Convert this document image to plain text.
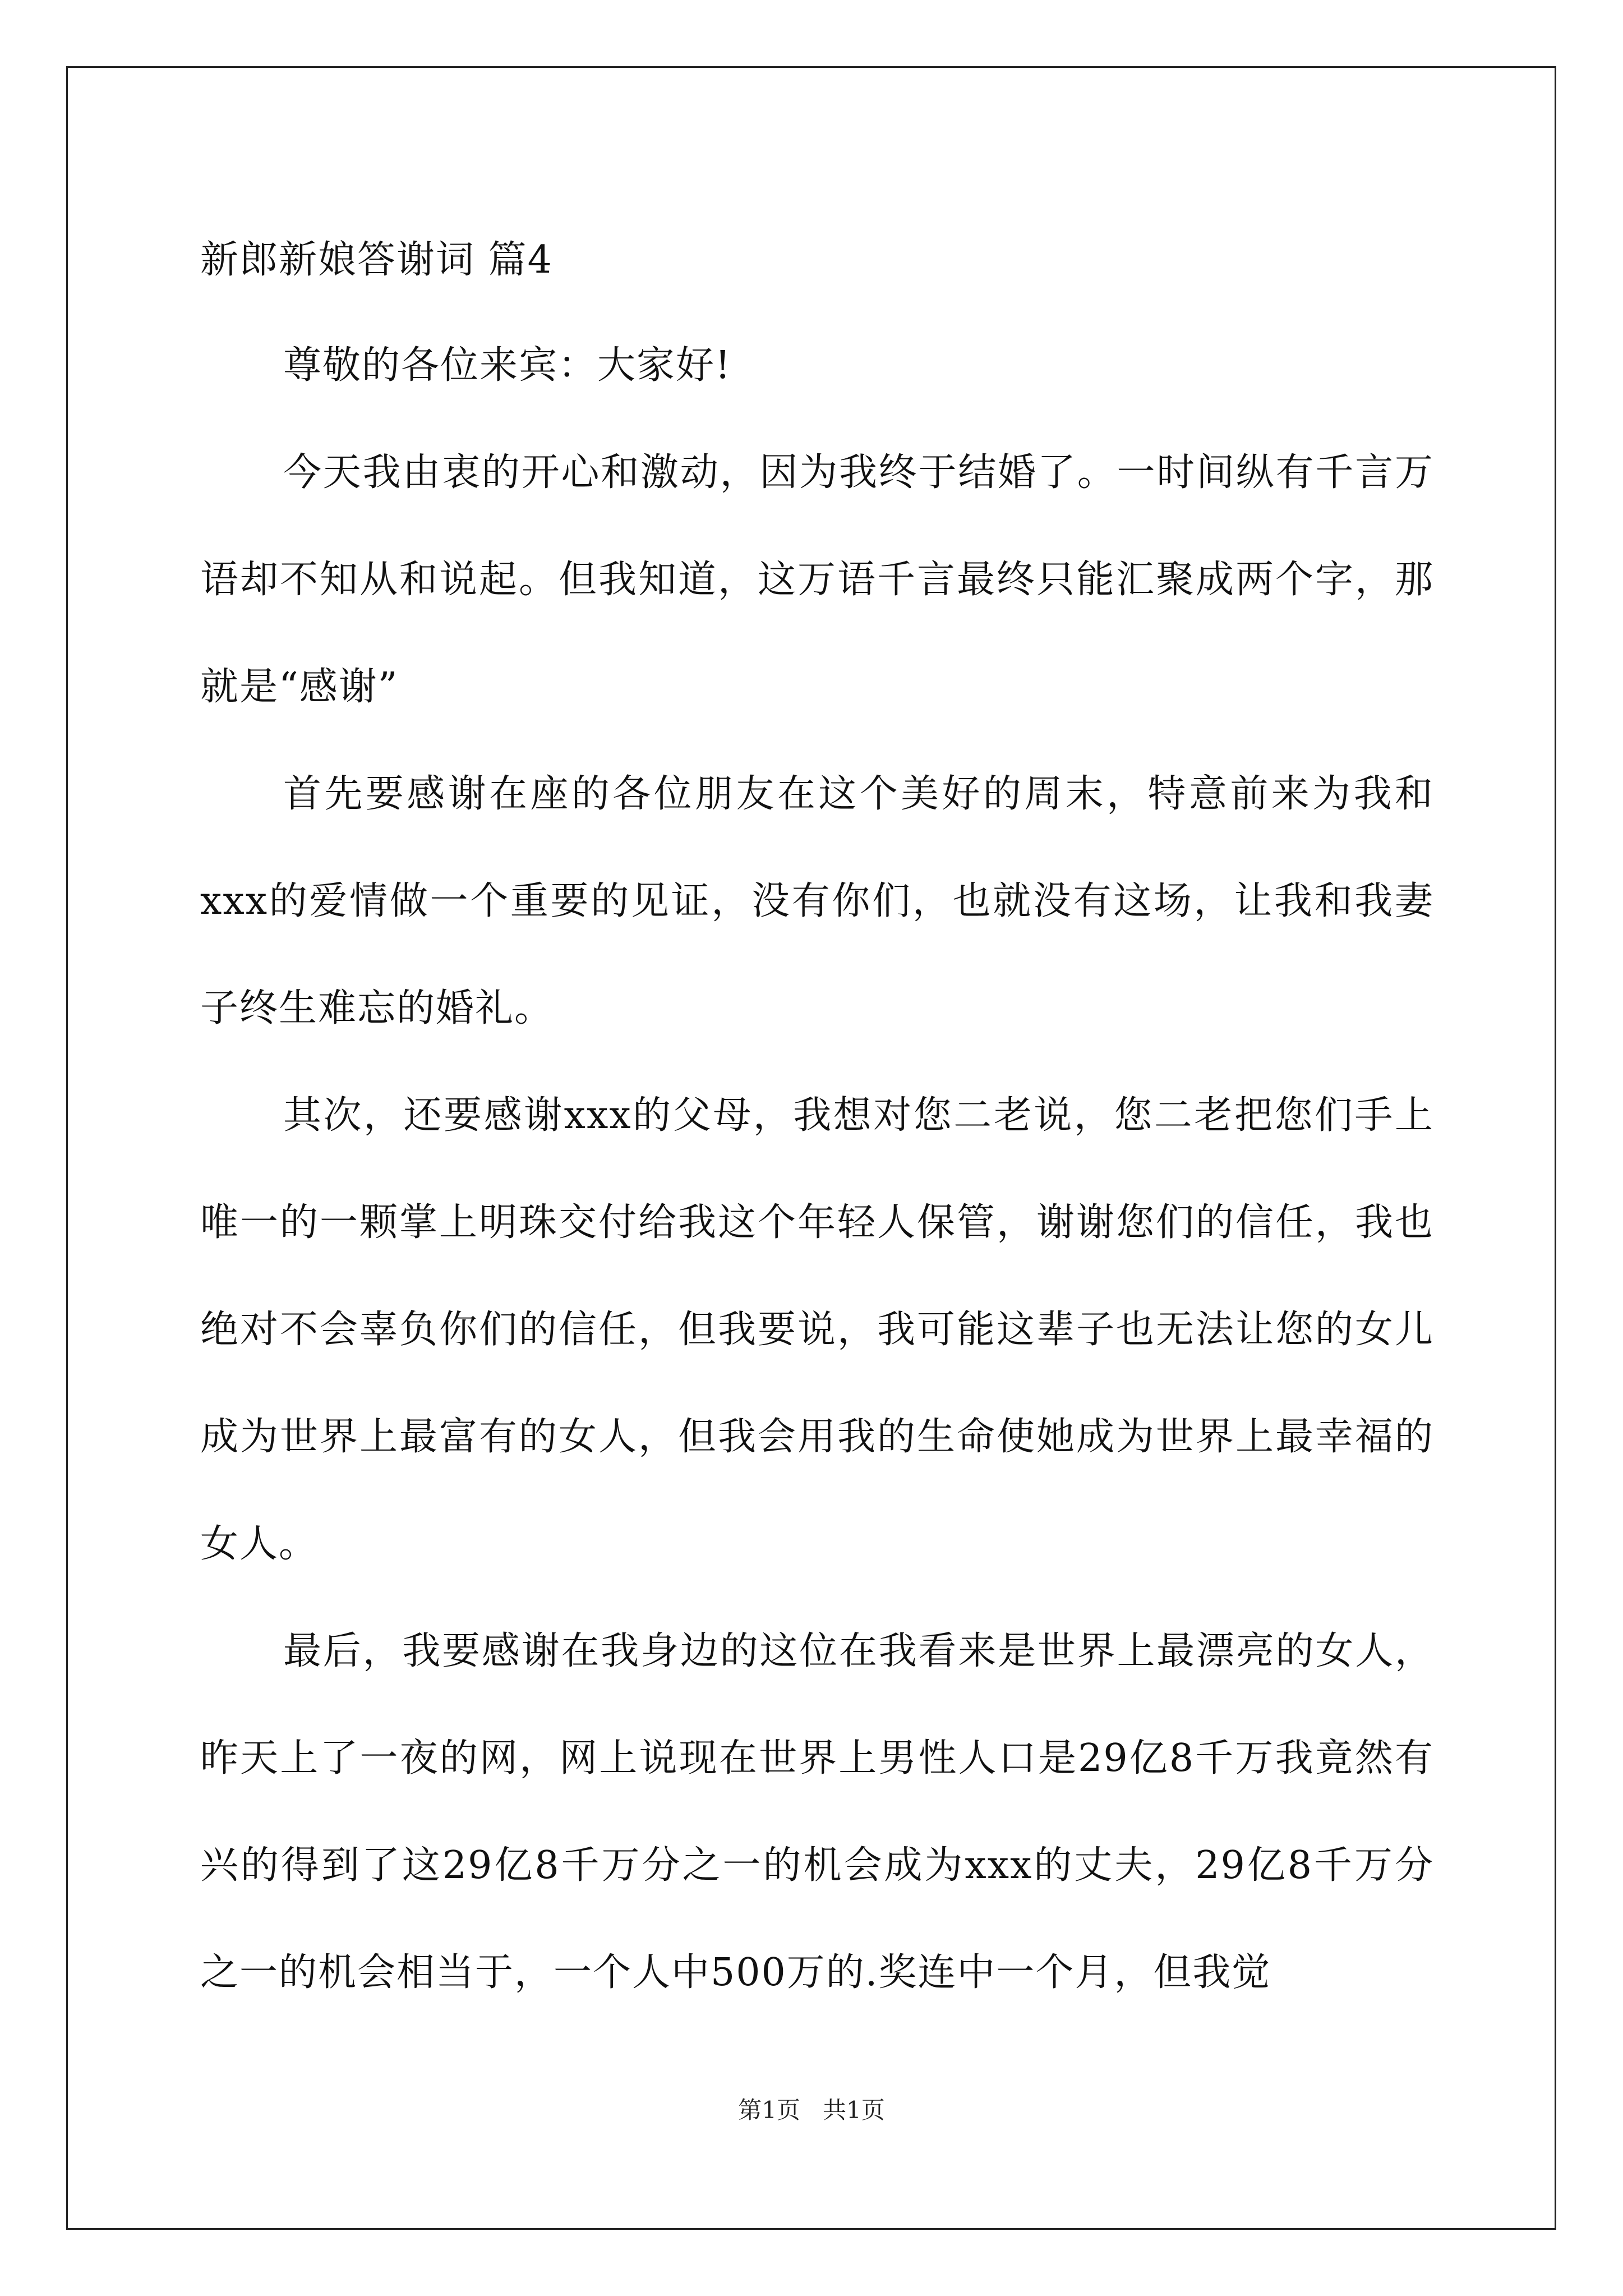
新郎新娘答谢词 篇4

尊敬的各位来宾：大家好!

今天我由衷的开心和激动，因为我终于结婚了。一时间纵有千言万语却不知从和说起。但我知道，这万语千言最终只能汇聚成两个字，那就是“感谢”

首先要感谢在座的各位朋友在这个美好的周末，特意前来为我和xxx的爱情做一个重要的见证，没有你们，也就没有这场，让我和我妻子终生难忘的婚礼。

其次，还要感谢xxx的父母，我想对您二老说，您二老把您们手上唯一的一颗掌上明珠交付给我这个年轻人保管，谢谢您们的信任，我也绝对不会辜负你们的信任，但我要说，我可能这辈子也无法让您的女儿成为世界上最富有的女人，但我会用我的生命使她成为世界上最幸福的女人。

最后，我要感谢在我身边的这位在我看来是世界上最漂亮的女人，昨天上了一夜的网，网上说现在世界上男性人口是29亿8千万我竟然有兴的得到了这29亿8千万分之一的机会成为xxx的丈夫，29亿8千万分之一的机会相当于，一个人中500万的.奖连中一个月，但我觉

第1页   共1页
